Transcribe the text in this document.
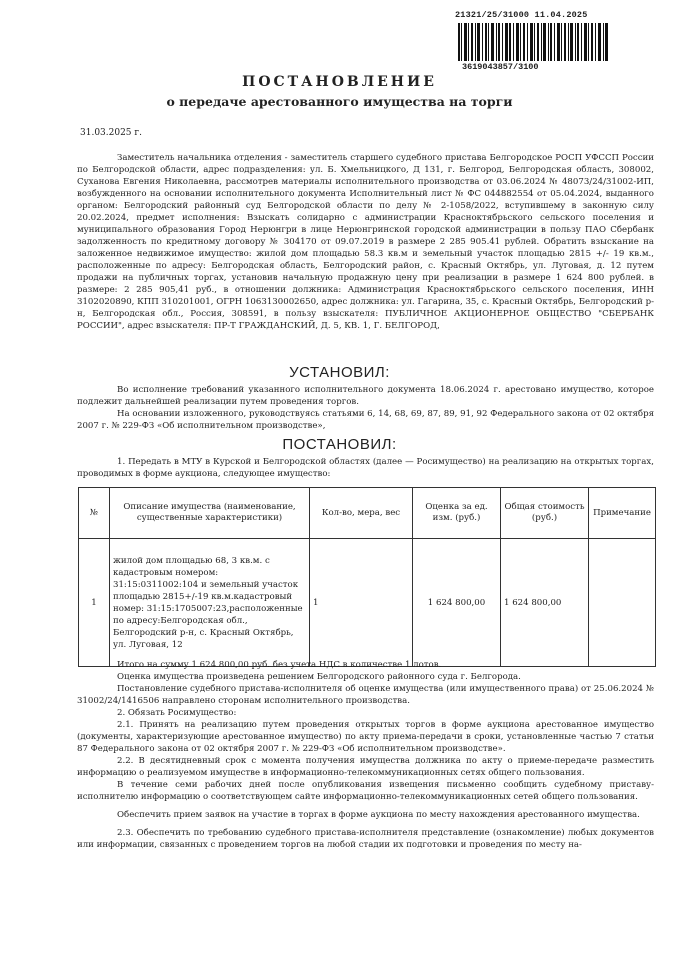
21321/25/31000 11.04.2025
3619043857/3100
ПОСТАНОВЛЕНИЕ
о передаче арестованного имущества на торги
31.03.2025 г.

Заместитель начальника отделения - заместитель старшего судебного пристава Белгородское РОСП УФССП России по Белгородской области, адрес подразделения: ул. Б. Хмельницкого, Д 131, г. Белгород, Белгородская область, 308002, Суханова Евгения Николаевна, рассмотрев материалы исполнительного производства от 03.06.2024 № 48073/24/31002-ИП, возбужденного на основании исполнительного документа Исполнительный лист № ФС 044882554 от 05.04.2024, выданного органом: Белгородский районный суд Белгородской области по делу № 2-1058/2022, вступившему в законную силу 20.02.2024, предмет исполнения: Взыскать солидарно с администрации Красноктябрьского сельского поселения и муниципального образования Город Нерюнгри в лице Нерюнгринской городской администрации в пользу ПАО Сбербанк задолженность по кредитному договору № 304170 от 09.07.2019 в размере 2 285 905.41 рублей. Обратить взыскание на заложенное недвижимое имущество: жилой дом площадью 58.3 кв.м и земельный участок площадью 2815 +/- 19 кв.м., расположенные по адресу: Белгородская область, Белгородский район, с. Красный Октябрь, ул. Луговая, д. 12 путем продажи на публичных торгах, установив начальную продажную цену при реализации в размере 1 624 800 рублей. в размере: 2 285 905,41 руб., в отношении должника: Администрация Красноктябрьского сельского поселения, ИНН 3102020890, КПП 310201001, ОГРН 1063130002650, адрес должника: ул. Гагарина, 35, с. Красный Октябрь, Белгородский р-н, Белгородская обл., Россия, 308591, в пользу взыскателя: ПУБЛИЧНОЕ АКЦИОНЕРНОЕ ОБЩЕСТВО "СБЕРБАНК РОССИИ", адрес взыскателя: ПР-Т ГРАЖДАНСКИЙ, Д. 5, КВ. 1, Г. БЕЛГОРОД,

УСТАНОВИЛ:

Во исполнение требований указанного исполнительного документа 18.06.2024 г. арестовано имущество, которое подлежит дальнейшей реализации путем проведения торгов.

На основании изложенного, руководствуясь статьями 6, 14, 68, 69, 87, 89, 91, 92 Федерального закона от 02 октября 2007 г. № 229-ФЗ «Об исполнительном производстве»,

ПОСТАНОВИЛ:

1. Передать в МТУ в Курской и Белгородской областях (далее — Росимущество) на реализацию на открытых торгах, проводимых в форме аукциона, следующее имущество:

№	Описание имущества (наименование, существенные характеристики)	Кол-во, мера, вес	Оценка за ед. изм. (руб.)	Общая стоимость (руб.)	Примечание
1	жилой дом площадью 68, 3 кв.м. с кадастровым номером: 31:15:0311002:104 и земельный участок площадью 2815+/-19 кв.м.кадастровый номер: 31:15:1705007:23,расположенные по адресу:Белгородская обл., Белгородский р-н, с. Красный Октябрь, ул. Луговая, 12	1	1 624 800,00	1 624 800,00	

Итого на сумму 1 624 800,00 руб. без учета НДС в количестве 1 лотов.

Оценка имущества произведена решением Белгородского районного суда г. Белгорода.

Постановление судебного пристава-исполнителя об оценке имущества (или имущественного права) от 25.06.2024 № 31002/24/1416506 направлено сторонам исполнительного производства.

2. Обязать Росимущество:

2.1. Принять на реализацию путем проведения открытых торгов в форме аукциона арестованное имущество (документы, характеризующие арестованное имущество) по акту приема-передачи в сроки, установленные частью 7 статьи 87 Федерального закона от 02 октября 2007 г. № 229-ФЗ «Об исполнительном производстве».

2.2. В десятидневный срок с момента получения имущества должника по акту о приеме-передаче разместить информацию о реализуемом имуществе в информационно-телекоммуникационных сетях общего пользования.

В течение семи рабочих дней после опубликования извещения письменно сообщить судебному приставу-исполнителю информацию о соответствующем сайте информационно-телекоммуникационных сетей общего пользования.

Обеспечить прием заявок на участие в торгах в форме аукциона по месту нахождения арестованного имущества.

2.3. Обеспечить по требованию судебного пристава-исполнителя представление (ознакомление) любых документов или информации, связанных с проведением торгов на любой стадии их подготовки и проведения по месту на-
